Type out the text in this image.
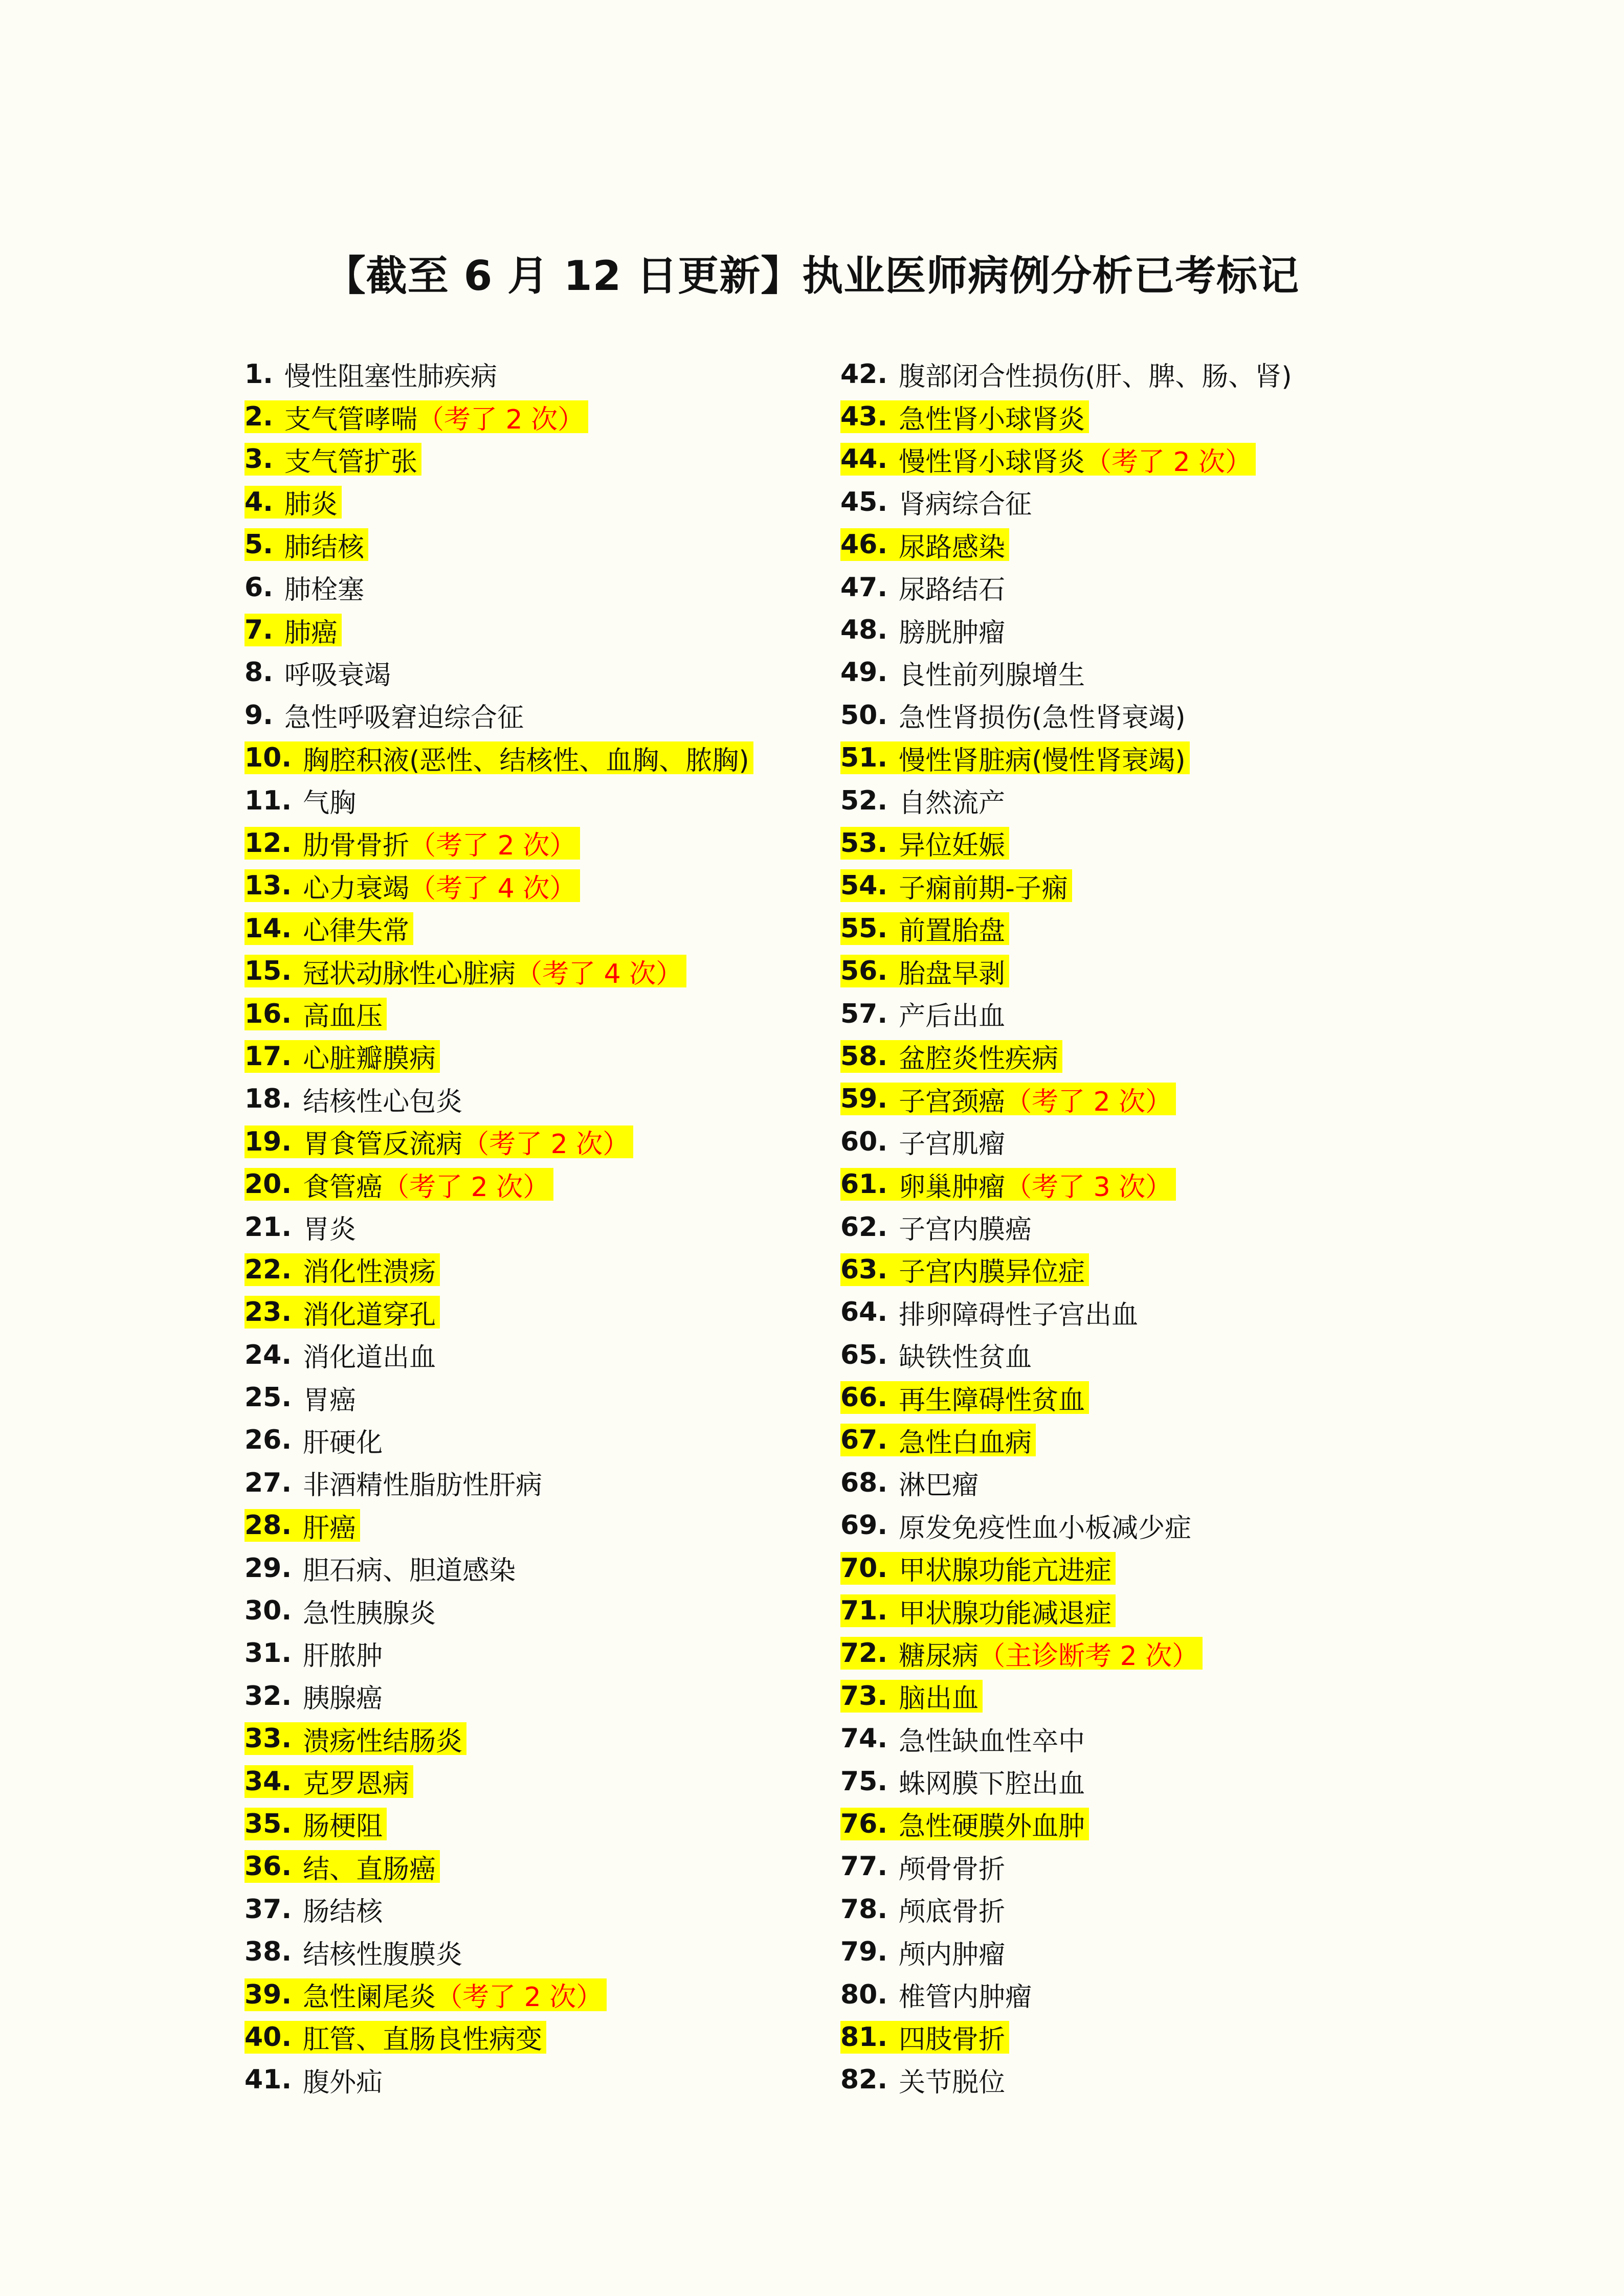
【截至 6 月 12 日更新】执业医师病例分析已考标记
1. 慢性阻塞性肺疾病
2. 支气管哮喘 （考了 2 次）
3. 支气管扩张
4. 肺炎
5. 肺结核
6. 肺栓塞
7. 肺癌
8. 呼吸衰竭
9. 急性呼吸窘迫综合征
10. 胸腔积液(恶性、结核性、血胸、脓胸)
11. 气胸
12. 肋骨骨折 （考了 2 次）
13. 心力衰竭 （考了 4 次）
14. 心律失常
15. 冠状动脉性心脏病 （考了 4 次）
16. 高血压
17. 心脏瓣膜病
18. 结核性心包炎
19. 胃食管反流病 （考了 2 次）
20. 食管癌 （考了 2 次）
21. 胃炎
22. 消化性溃疡
23. 消化道穿孔
24. 消化道出血
25. 胃癌
26. 肝硬化
27. 非酒精性脂肪性肝病
28. 肝癌
29. 胆石病、胆道感染
30. 急性胰腺炎
31. 肝脓肿
32. 胰腺癌
33. 溃疡性结肠炎
34. 克罗恩病
35. 肠梗阻
36. 结、直肠癌
37. 肠结核
38. 结核性腹膜炎
39. 急性阑尾炎 （考了 2 次）
40. 肛管、直肠良性病变
41. 腹外疝
42. 腹部闭合性损伤(肝、脾、肠、肾)
43. 急性肾小球肾炎
44. 慢性肾小球肾炎 （考了 2 次）
45. 肾病综合征
46. 尿路感染
47. 尿路结石
48. 膀胱肿瘤
49. 良性前列腺增生
50. 急性肾损伤(急性肾衰竭)
51. 慢性肾脏病(慢性肾衰竭)
52. 自然流产
53. 异位妊娠
54. 子痫前期-子痫
55. 前置胎盘
56. 胎盘早剥
57. 产后出血
58. 盆腔炎性疾病
59. 子宫颈癌 （考了 2 次）
60. 子宫肌瘤
61. 卵巢肿瘤 （考了 3 次）
62. 子宫内膜癌
63. 子宫内膜异位症
64. 排卵障碍性子宫出血
65. 缺铁性贫血
66. 再生障碍性贫血
67. 急性白血病
68. 淋巴瘤
69. 原发免疫性血小板减少症
70. 甲状腺功能亢进症
71. 甲状腺功能减退症
72. 糖尿病 （主诊断考 2 次）
73. 脑出血
74. 急性缺血性卒中
75. 蛛网膜下腔出血
76. 急性硬膜外血肿
77. 颅骨骨折
78. 颅底骨折
79. 颅内肿瘤
80. 椎管内肿瘤
81. 四肢骨折
82. 关节脱位
